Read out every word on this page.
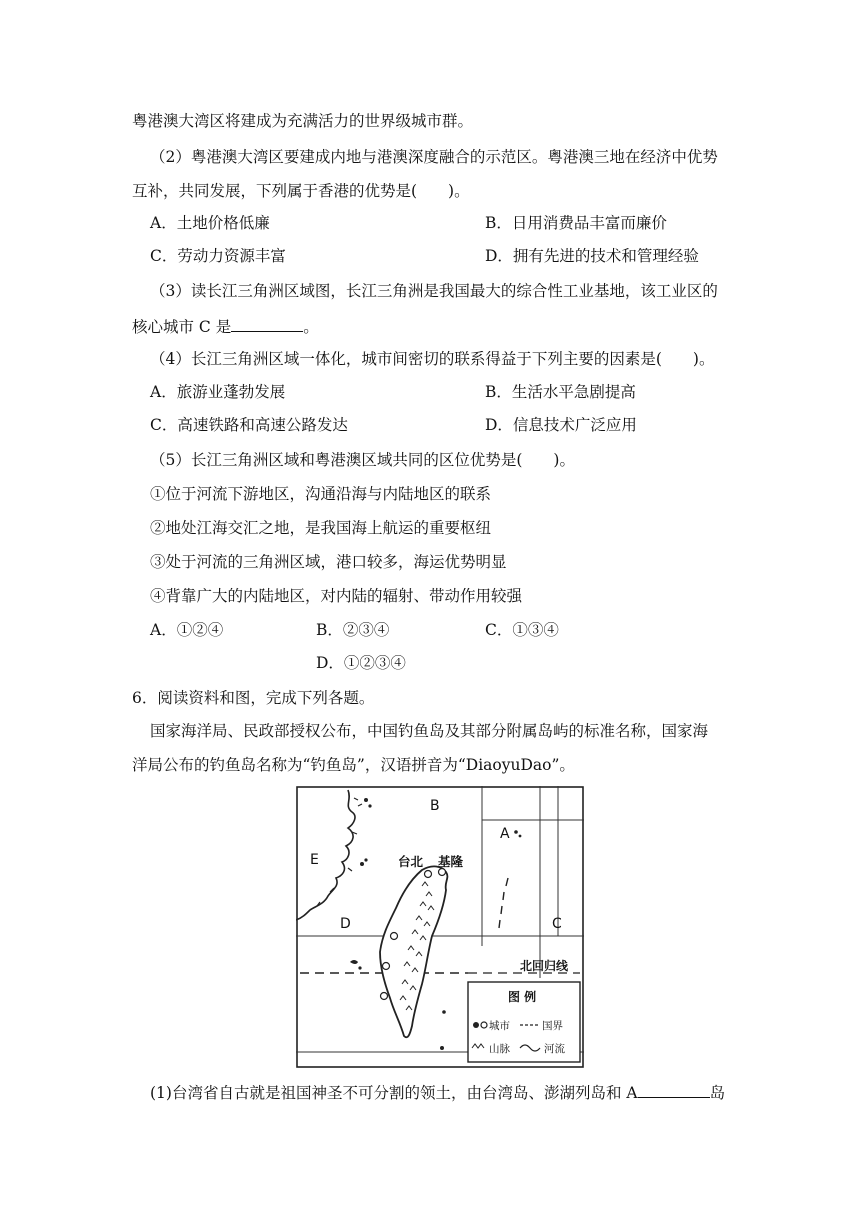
粤港澳大湾区将建成为充满活力的世界级城市群。
（2）粤港澳大湾区要建成内地与港澳深度融合的示范区。粤港澳三地在经济中优势
互补，共同发展，下列属于香港的优势是(　　)。
A．土地价格低廉	B．日用消费品丰富而廉价
C．劳动力资源丰富	D．拥有先进的技术和管理经验
（3）读长江三角洲区域图，长江三角洲是我国最大的综合性工业基地，该工业区的
核心城市 C 是	。
（4）长江三角洲区域一体化，城市间密切的联系得益于下列主要的因素是(　　)。
A．旅游业蓬勃发展	B．生活水平急剧提高
C．高速铁路和高速公路发达	D．信息技术广泛应用
（5）长江三角洲区域和粤港澳区域共同的区位优势是(　　)。
①位于河流下游地区，沟通沿海与内陆地区的联系
②地处江海交汇之地，是我国海上航运的重要枢纽
③处于河流的三角洲区域，港口较多，海运优势明显
④背靠广大的内陆地区，对内陆的辐射、带动作用较强
A．①②④	B．②③④	C．①③④
D．①②③④
6．阅读资料和图，完成下列各题。
国家海洋局、民政部授权公布，中国钓鱼岛及其部分附属岛屿的标准名称，国家海
洋局公布的钓鱼岛名称为“钓鱼岛”，汉语拼音为“DiaoyuDao”。
北回归线
B
A
E
D	C
台北 基隆
图 例
城市	国界
山脉	河流
(1)台湾省自古就是祖国神圣不可分割的领土，由台湾岛、澎湖列岛和 A	岛
